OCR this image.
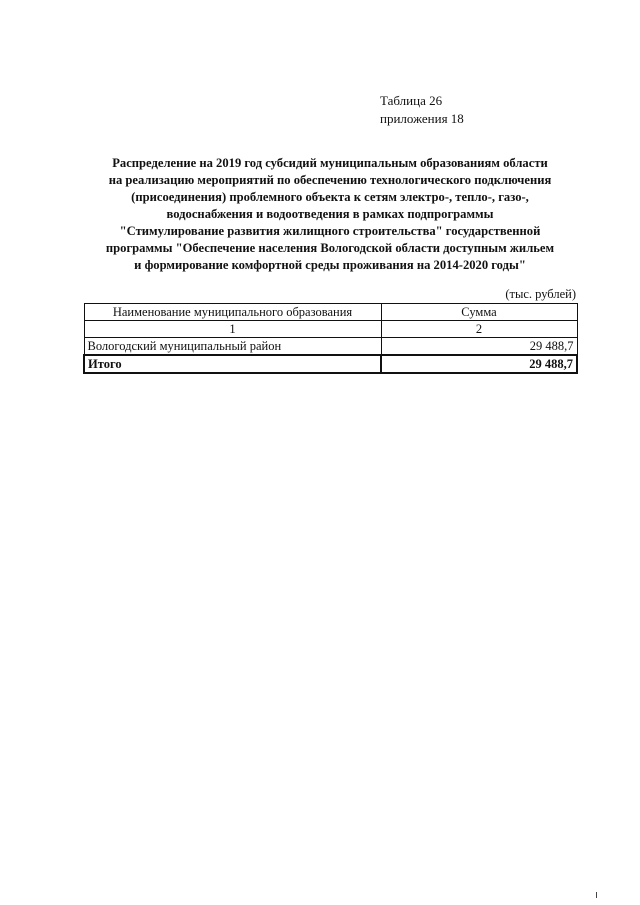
Таблица 26
приложения 18
Распределение на 2019 год субсидий муниципальным образованиям области
на реализацию мероприятий по обеспечению технологического подключения
(присоединения) проблемного объекта к сетям электро-, тепло-, газо-,
водоснабжения и водоотведения в рамках подпрограммы
"Стимулирование развития жилищного строительства" государственной
программы "Обеспечение населения Вологодской области доступным жильем
и формирование комфортной среды проживания на 2014-2020 годы"
(тыс. рублей)
Наименование муниципального образования	Сумма
1	2
Вологодский муниципальный район	29 488,7
Итого	29 488,7
